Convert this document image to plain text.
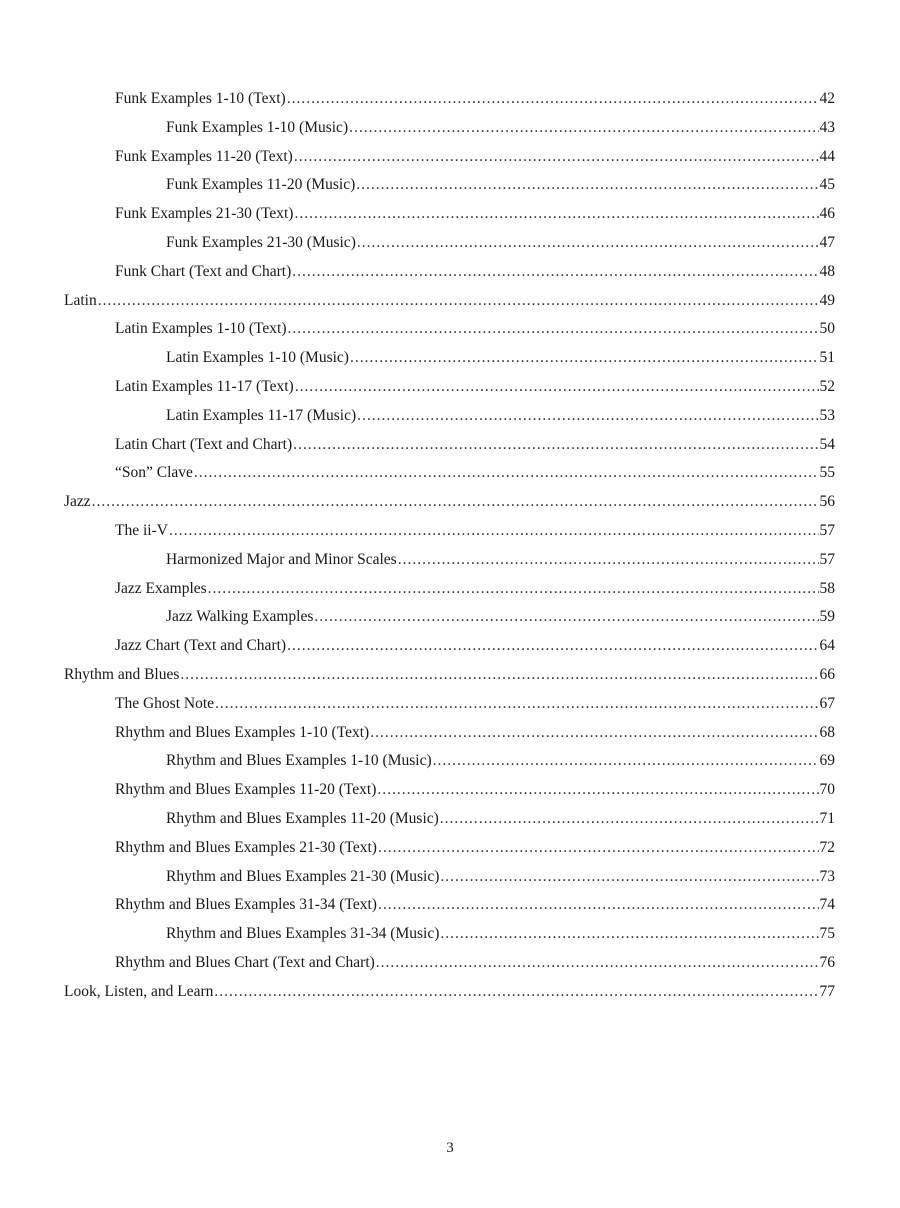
Funk Examples 1-10 (Text) .....	42
Funk Examples 1-10 (Music) .....	43
Funk Examples 11-20 (Text) .....	44
Funk Examples 11-20 (Music) .....	45
Funk Examples 21-30 (Text) .....	46
Funk Examples 21-30 (Music) .....	47
Funk Chart (Text and Chart) .....	48
Latin .....	49
Latin Examples 1-10 (Text) .....	50
Latin Examples 1-10 (Music) .....	51
Latin Examples 11-17 (Text) .....	52
Latin Examples 11-17 (Music) .....	53
Latin Chart (Text and Chart) .....	54
“Son” Clave .....	55
Jazz .....	56
The ii-V .....	57
Harmonized Major and Minor Scales .....	57
Jazz Examples .....	58
Jazz Walking Examples .....	59
Jazz Chart (Text and Chart) .....	64
Rhythm and Blues .....	66
The Ghost Note .....	67
Rhythm and Blues Examples 1-10 (Text) .....	68
Rhythm and Blues Examples 1-10 (Music) .....	69
Rhythm and Blues Examples 11-20 (Text) .....	70
Rhythm and Blues Examples 11-20 (Music) .....	71
Rhythm and Blues Examples 21-30 (Text) .....	72
Rhythm and Blues Examples 21-30 (Music) .....	73
Rhythm and Blues Examples 31-34 (Text) .....	74
Rhythm and Blues Examples 31-34 (Music) .....	75
Rhythm and Blues Chart (Text and Chart) .....	76
Look, Listen, and Learn .....	77
3
